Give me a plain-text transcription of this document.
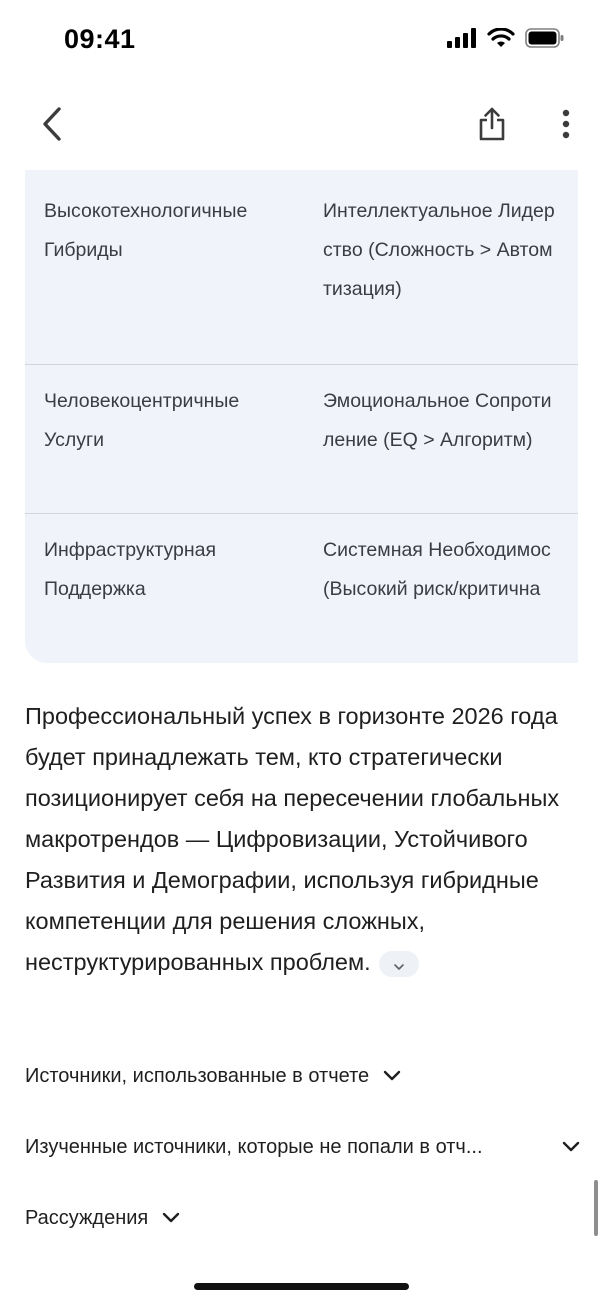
09:41
Высокотехнологичные
Гибриды
Интеллектуальное Лидер
ство (Сложность > Автом
тизация)
Человекоцентричные
Услуги
Эмоциональное Сопроти
ление (EQ > Алгоритм)
Инфраструктурная
Поддержка
Системная Необходимос
(Высокий риск/критична
Профессиональный успех в горизонте 2026 года будет принадлежать тем, кто стратегически позиционирует себя на пересечении глобальных макротрендов — Цифровизации, Устойчивого Развития и Демографии, используя гибридные компетенции для решения сложных, неструктурированных проблем.
Источники, использованные в отчете
Изученные источники, которые не попали в отч...
Рассуждения
